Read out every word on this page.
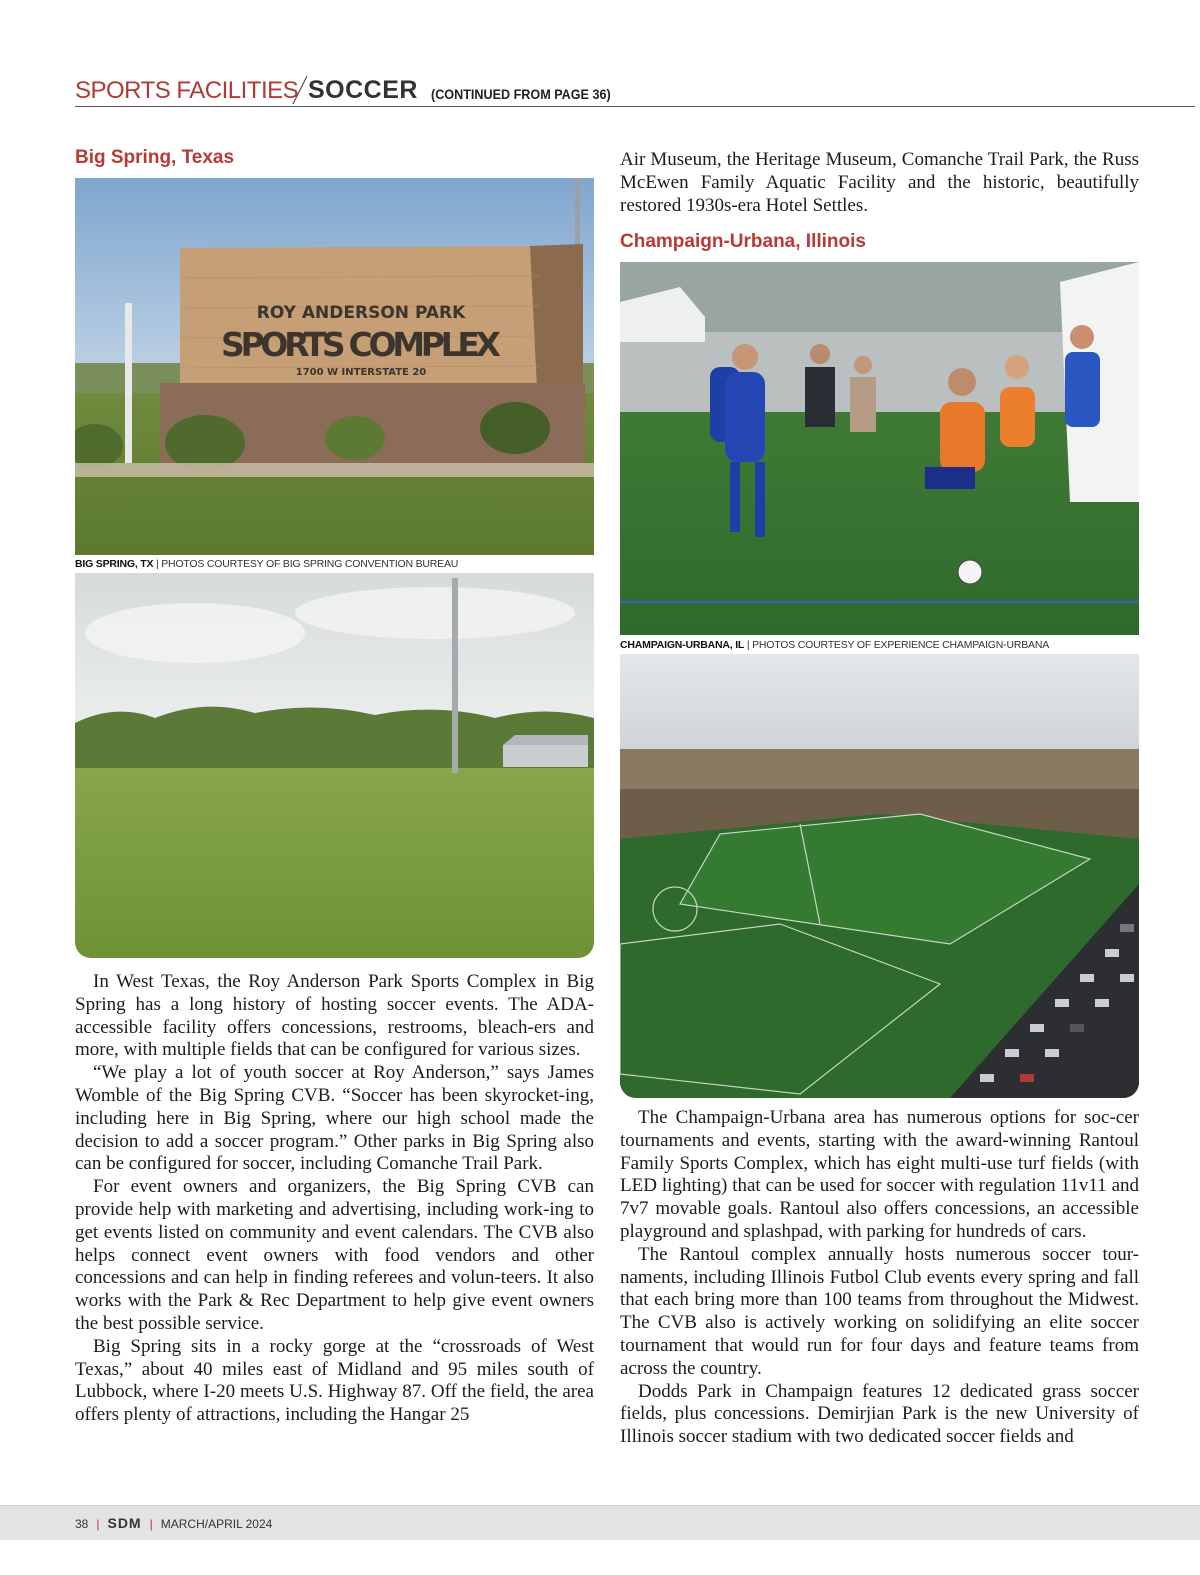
SPORTS FACILITIES SOCCER (CONTINUED FROM PAGE 36)
Big Spring, Texas
ROY ANDERSON PARK
SPORTS COMPLEX
1700 W INTERSTATE 20
BIG SPRING, TX | PHOTOS COURTESY OF BIG SPRING CONVENTION BUREAU

In West Texas, the Roy Anderson Park Sports Complex in Big Spring has a long history of hosting soccer events. The ADA-accessible facility offers concessions, restrooms, bleach-ers and more, with multiple fields that can be configured for various sizes.

“We play a lot of youth soccer at Roy Anderson,” says James Womble of the Big Spring CVB. “Soccer has been skyrocket-ing, including here in Big Spring, where our high school made the decision to add a soccer program.” Other parks in Big Spring also can be configured for soccer, including Comanche Trail Park.

For event owners and organizers, the Big Spring CVB can provide help with marketing and advertising, including work-ing to get events listed on community and event calendars. The CVB also helps connect event owners with food vendors and other concessions and can help in finding referees and volun-teers. It also works with the Park & Rec Department to help give event owners the best possible service.

Big Spring sits in a rocky gorge at the “crossroads of West Texas,” about 40 miles east of Midland and 95 miles south of Lubbock, where I-20 meets U.S. Highway 87. Off the field, the area offers plenty of attractions, including the Hangar 25

Air Museum, the Heritage Museum, Comanche Trail Park, the Russ McEwen Family Aquatic Facility and the historic, beautifully restored 1930s-era Hotel Settles.

Champaign-Urbana, Illinois
CHAMPAIGN-URBANA, IL | PHOTOS COURTESY OF EXPERIENCE CHAMPAIGN-URBANA

The Champaign-Urbana area has numerous options for soc-cer tournaments and events, starting with the award-winning Rantoul Family Sports Complex, which has eight multi-use turf fields (with LED lighting) that can be used for soccer with regulation 11v11 and 7v7 movable goals. Rantoul also offers concessions, an accessible playground and splashpad, with parking for hundreds of cars.

The Rantoul complex annually hosts numerous soccer tour-naments, including Illinois Futbol Club events every spring and fall that each bring more than 100 teams from throughout the Midwest. The CVB also is actively working on solidifying an elite soccer tournament that would run for four days and feature teams from across the country.

Dodds Park in Champaign features 12 dedicated grass soccer fields, plus concessions. Demirjian Park is the new University of Illinois soccer stadium with two dedicated soccer fields and

38 | SDM | MARCH/APRIL 2024
